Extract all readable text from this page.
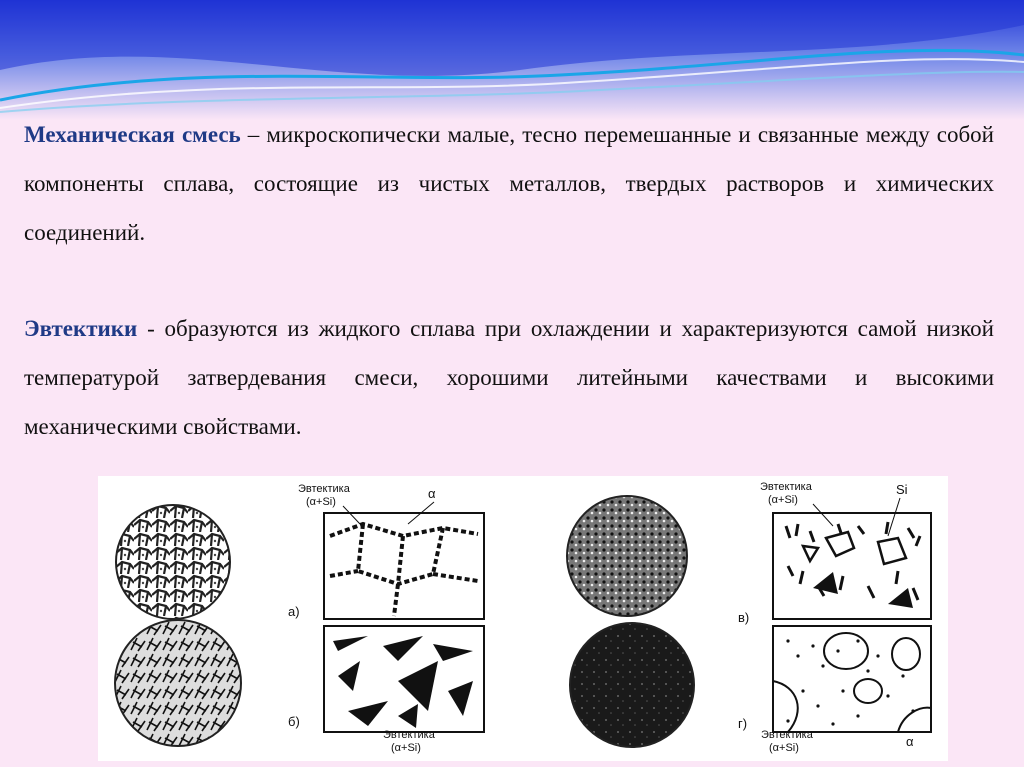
Механическая смесь – микроскопически малые, тесно перемешанные и связанные между собой компоненты сплава, состоящие из чистых металлов, твердых растворов и химических соединений.
Эвтектики - образуются из жидкого сплава при охлаждении и характеризуются самой низкой температурой затвердевания смеси, хорошими литейными качествами и высокими механическими свойствами.
Эвтектика
(α+Si)
α
а)
б)
Эвтектика
(α+Si)
Эвтектика
(α+Si)
Si
в)
г)
Эвтектика
(α+Si)	α
